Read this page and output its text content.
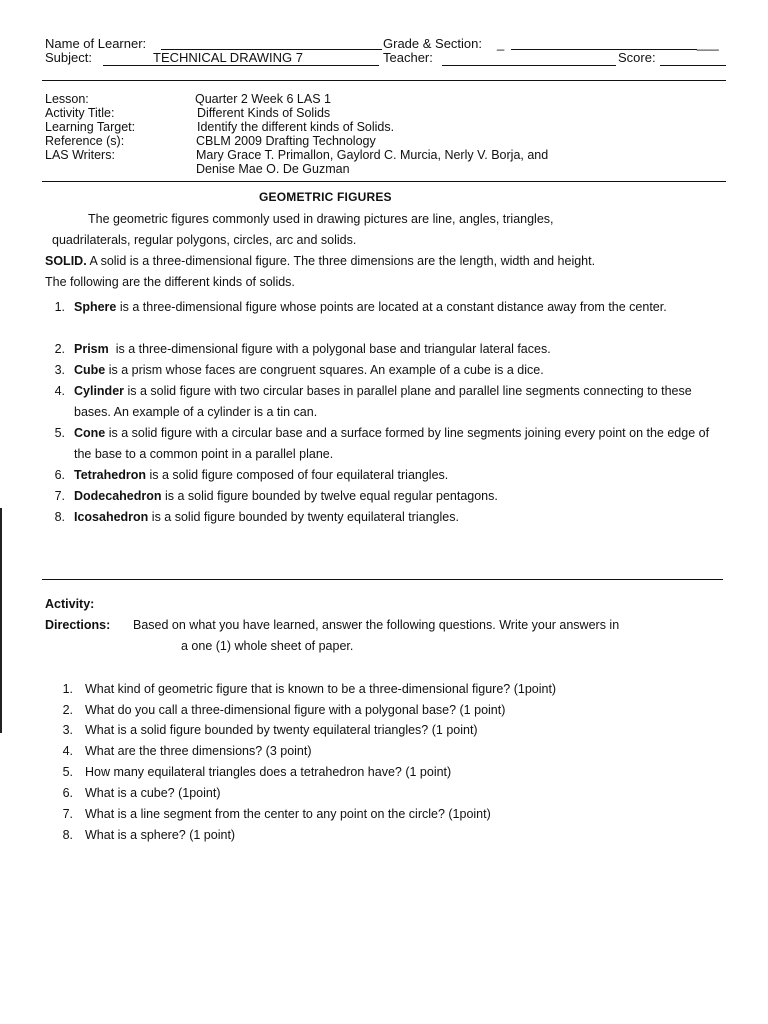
Name of Learner:	Grade & Section: _	___
Subject:	TECHNICAL DRAWING 7	Teacher:	Score:
Lesson:	Quarter 2 Week 6 LAS 1
Activity Title:	Different Kinds of Solids
Learning Target:	Identify the different kinds of Solids.
Reference (s):	CBLM 2009 Drafting Technology
LAS Writers:	Mary Grace T. Primallon, Gaylord C. Murcia, Nerly V. Borja, and
Denise Mae O. De Guzman
GEOMETRIC FIGURES
The geometric figures commonly used in drawing pictures are line, angles, triangles,
quadrilaterals, regular polygons, circles, arc and solids.
SOLID. A solid is a three-dimensional figure. The three dimensions are the length, width and height.
The following are the different kinds of solids.
1. Sphere is a three-dimensional figure whose points are located at a constant distance away from the center.
2. Prism  is a three-dimensional figure with a polygonal base and triangular lateral faces.
3. Cube is a prism whose faces are congruent squares. An example of a cube is a dice.
4. Cylinder is a solid figure with two circular bases in parallel plane and parallel line segments connecting to these bases. An example of a cylinder is a tin can.
5. Cone is a solid figure with a circular base and a surface formed by line segments joining every point on the edge of the base to a common point in a parallel plane.
6. Tetrahedron is a solid figure composed of four equilateral triangles.
7. Dodecahedron is a solid figure bounded by twelve equal regular pentagons.
8. Icosahedron is a solid figure bounded by twenty equilateral triangles.
Activity:
Directions: Based on what you have learned, answer the following questions. Write your answers in
a one (1) whole sheet of paper.
1. What kind of geometric figure that is known to be a three-dimensional figure? (1point)
2. What do you call a three-dimensional figure with a polygonal base? (1 point)
3. What is a solid figure bounded by twenty equilateral triangles? (1 point)
4. What are the three dimensions? (3 point)
5. How many equilateral triangles does a tetrahedron have? (1 point)
6. What is a cube? (1point)
7. What is a line segment from the center to any point on the circle? (1point)
8. What is a sphere? (1 point)
